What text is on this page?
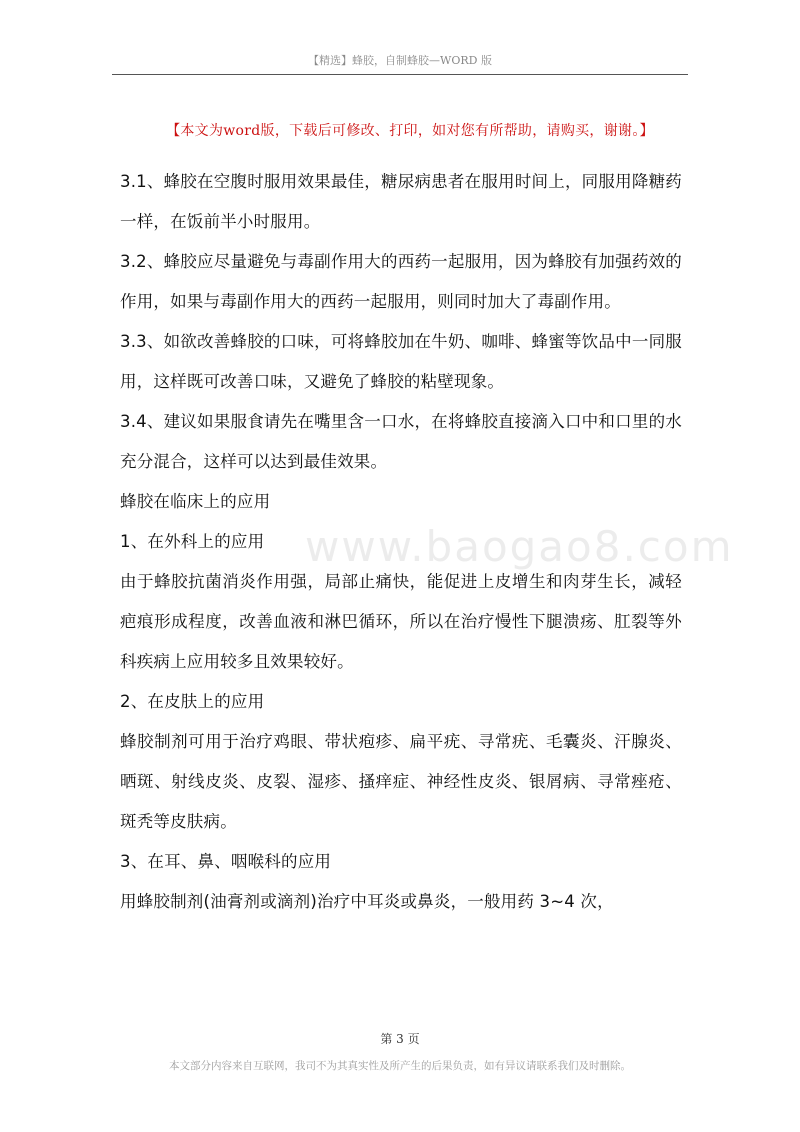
【精选】蜂胶，自制蜂胶—WORD 版
【本文为word版，下载后可修改、打印，如对您有所帮助，请购买，谢谢。】
www.baogao8.com

3.1、蜂胶在空腹时服用效果最佳，糖尿病患者在服用时间上，同服用降糖药一样，在饭前半小时服用。

3.2、蜂胶应尽量避免与毒副作用大的西药一起服用，因为蜂胶有加强药效的作用，如果与毒副作用大的西药一起服用，则同时加大了毒副作用。

3.3、如欲改善蜂胶的口味，可将蜂胶加在牛奶、咖啡、蜂蜜等饮品中一同服用，这样既可改善口味，又避免了蜂胶的粘壁现象。

3.4、建议如果服食请先在嘴里含一口水，在将蜂胶直接滴入口中和口里的水充分混合，这样可以达到最佳效果。

蜂胶在临床上的应用

1、在外科上的应用

由于蜂胶抗菌消炎作用强，局部止痛快，能促进上皮增生和肉芽生长，减轻疤痕形成程度，改善血液和淋巴循环，所以在治疗慢性下腿溃疡、肛裂等外科疾病上应用较多且效果较好。

2、在皮肤上的应用

蜂胶制剂可用于治疗鸡眼、带状疱疹、扁平疣、寻常疣、毛囊炎、汗腺炎、晒斑、射线皮炎、皮裂、湿疹、搔痒症、神经性皮炎、银屑病、寻常痤疮、斑秃等皮肤病。

3、在耳、鼻、咽喉科的应用

用蜂胶制剂(油膏剂或滴剂)治疗中耳炎或鼻炎，一般用药 3~4 次，

第 3 页
本文部分内容来自互联网，我司不为其真实性及所产生的后果负责，如有异议请联系我们及时删除。
